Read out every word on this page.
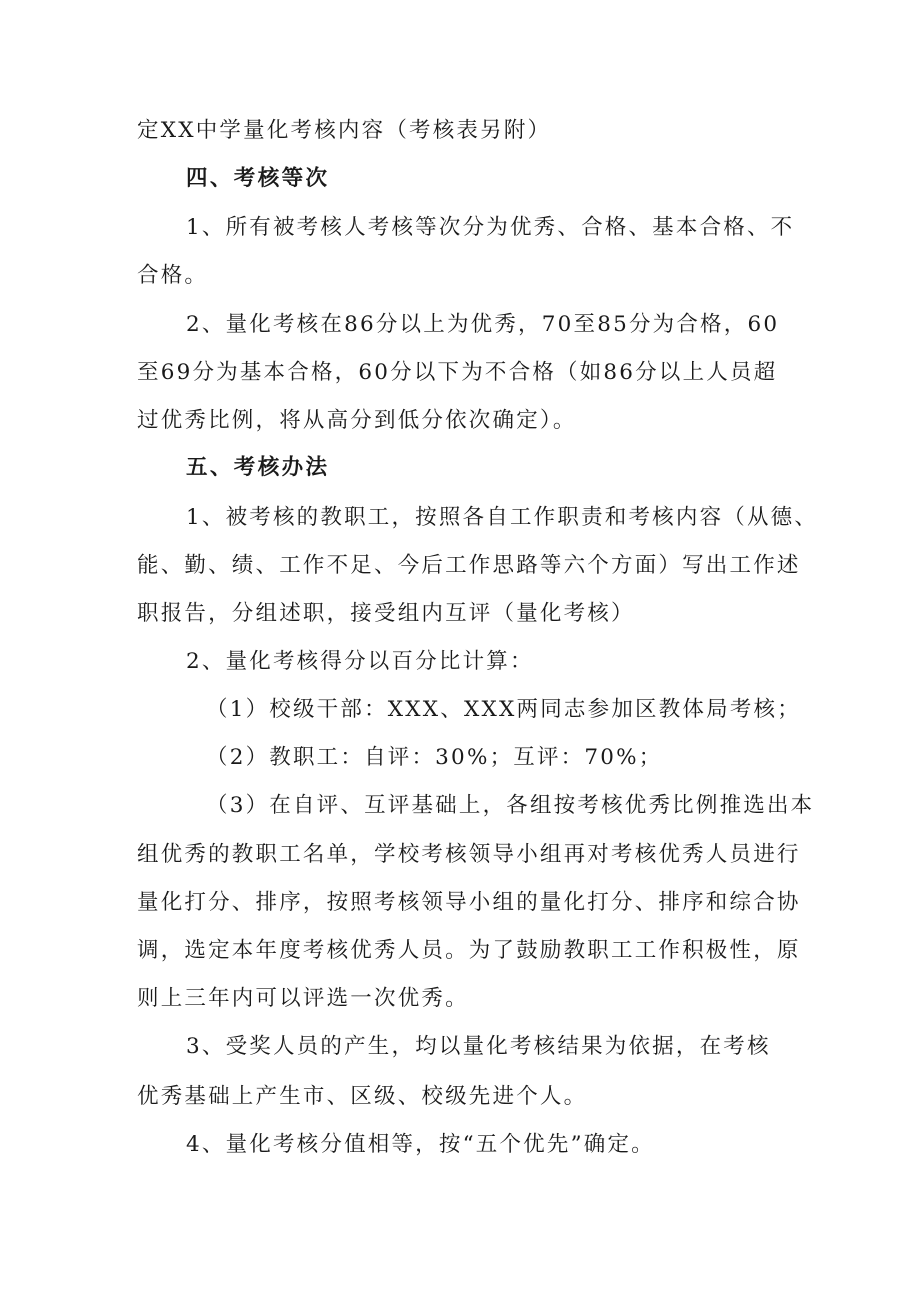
定XX中学量化考核内容（考核表另附）
四、考核等次
1、所有被考核人考核等次分为优秀、合格、基本合格、不
合格。
2、量化考核在86分以上为优秀，70至85分为合格，60
至69分为基本合格，60分以下为不合格（如86分以上人员超
过优秀比例，将从高分到低分依次确定）。
五、考核办法
1、被考核的教职工，按照各自工作职责和考核内容（从德、
能、勤、绩、工作不足、今后工作思路等六个方面）写出工作述
职报告，分组述职，接受组内互评（量化考核）
2、量化考核得分以百分比计算：
（1）校级干部：XXX、XXX两同志参加区教体局考核；
（2）教职工：自评：30%；互评：70%；
（3）在自评、互评基础上，各组按考核优秀比例推选出本
组优秀的教职工名单，学校考核领导小组再对考核优秀人员进行
量化打分、排序，按照考核领导小组的量化打分、排序和综合协
调，选定本年度考核优秀人员。为了鼓励教职工工作积极性，原
则上三年内可以评选一次优秀。
3、受奖人员的产生，均以量化考核结果为依据，在考核
优秀基础上产生市、区级、校级先进个人。
4、量化考核分值相等，按“五个优先”确定。
